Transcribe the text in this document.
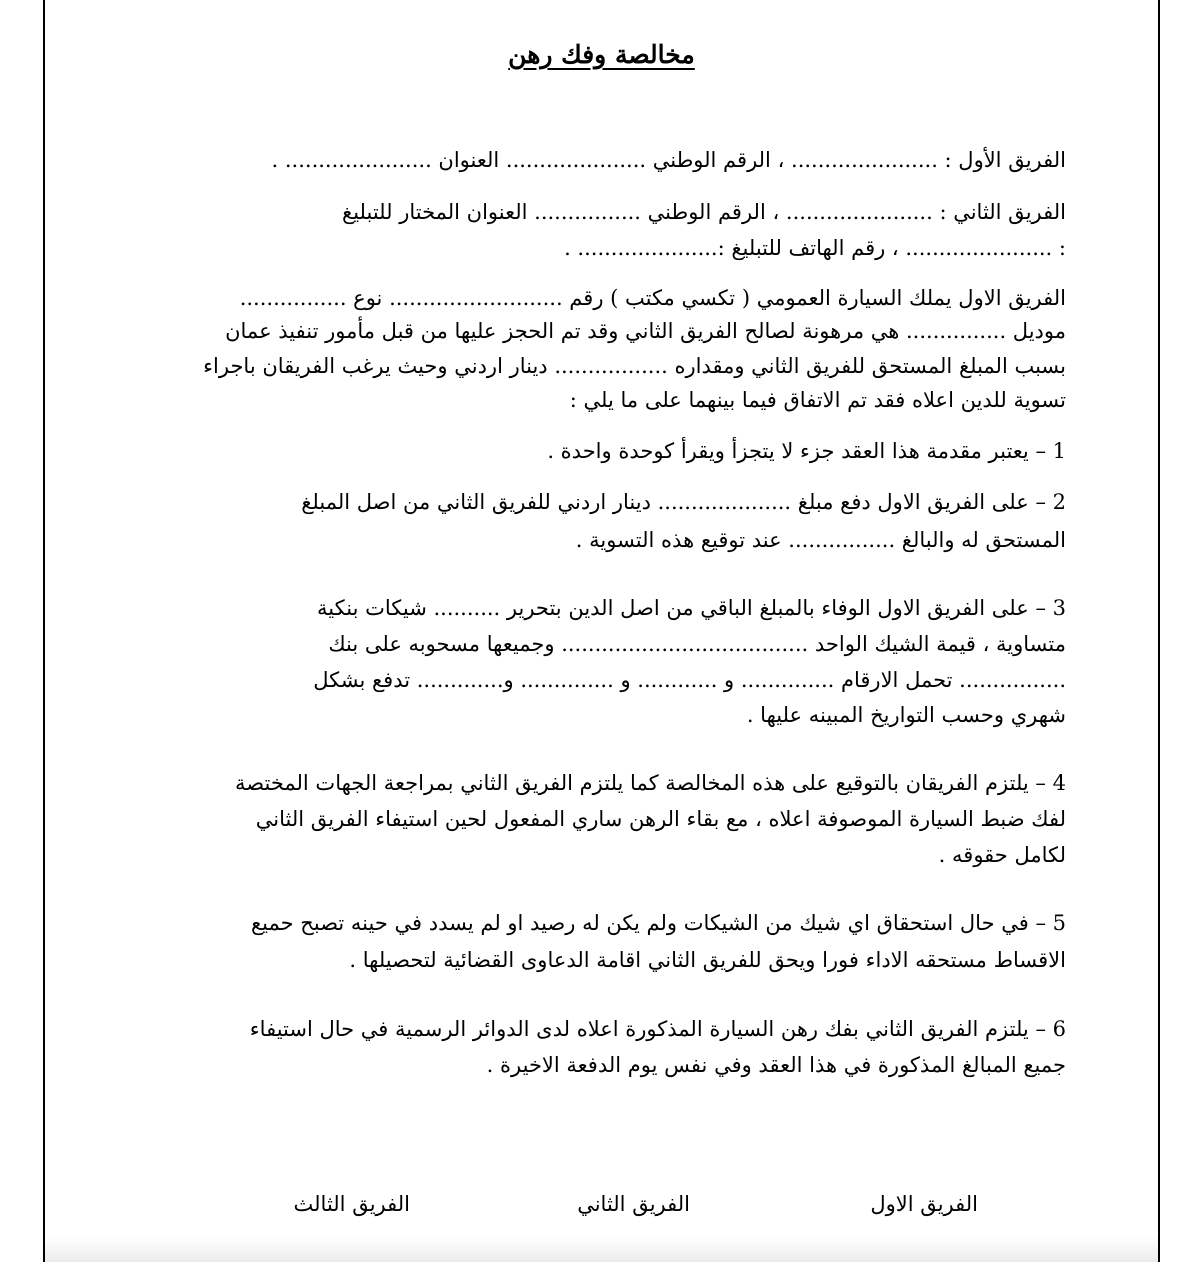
مخالصة وفك رهن
الفريق الأول : ...................... ، الرقم الوطني ..................... العنوان ...................... .
الفريق الثاني : ...................... ، الرقم الوطني ................ العنوان المختار للتبليغ
: ...................... ، رقم الهاتف للتبليغ :..................... .
الفريق الاول يملك السيارة العمومي ( تكسي مكتب ) رقم .......................... نوع ................
موديل ............... هي مرهونة لصالح الفريق الثاني وقد تم الحجز عليها من قبل مأمور تنفيذ عمان
بسبب المبلغ المستحق للفريق الثاني ومقداره ................. دينار اردني وحيث يرغب الفريقان باجراء
تسوية للدين اعلاه فقد تم الاتفاق فيما بينهما على ما يلي :
1 – يعتبر مقدمة هذا العقد جزء لا يتجزأ ويقرأ كوحدة واحدة .
2 – على الفريق الاول دفع مبلغ .................... دينار اردني للفريق الثاني من اصل المبلغ
المستحق له والبالغ ................ عند توقيع هذه التسوية .
3 – على الفريق الاول الوفاء بالمبلغ الباقي من اصل الدين بتحرير .......... شيكات بنكية
متساوية ، قيمة الشيك الواحد ..................................... وجميعها مسحوبه على بنك
................ تحمل الارقام .............. و ............ و .............. و............. تدفع بشكل
شهري وحسب التواريخ المبينه عليها .
4 – يلتزم الفريقان بالتوقيع على هذه المخالصة كما يلتزم الفريق الثاني بمراجعة الجهات المختصة
لفك ضبط السيارة الموصوفة اعلاه ، مع بقاء الرهن ساري المفعول لحين استيفاء الفريق الثاني
لكامل حقوقه .
5 – في حال استحقاق اي شيك من الشيكات ولم يكن له رصيد او لم يسدد في حينه تصبح حميع
الاقساط مستحقه الاداء فورا ويحق للفريق الثاني اقامة الدعاوى القضائية لتحصيلها .
6 – يلتزم الفريق الثاني بفك رهن السيارة المذكورة اعلاه لدى الدوائر الرسمية في حال استيفاء
جميع المبالغ المذكورة في هذا العقد وفي نفس يوم الدفعة الاخيرة .
الفريق الاول
الفريق الثاني
الفريق الثالث
